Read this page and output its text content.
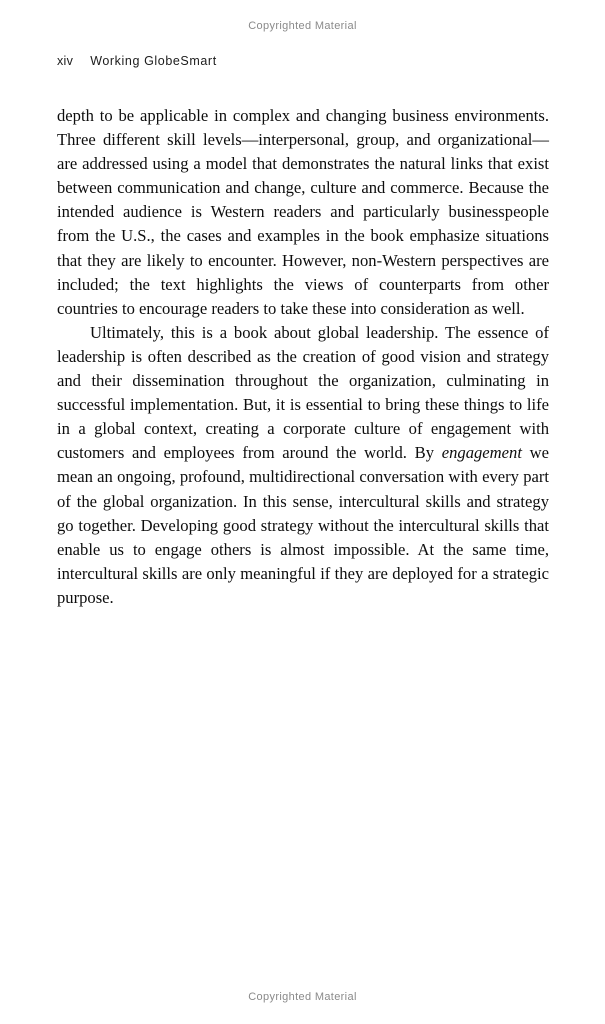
Copyrighted Material
xiv Working GlobeSmart

depth to be applicable in complex and changing business environments. Three different skill levels—interpersonal, group, and organizational—are addressed using a model that demonstrates the natural links that exist between communication and change, culture and commerce. Because the intended audience is Western readers and particularly businesspeople from the U.S., the cases and examples in the book emphasize situations that they are likely to encounter. However, non-Western perspectives are included; the text highlights the views of counterparts from other countries to encourage readers to take these into consideration as well.

Ultimately, this is a book about global leadership. The essence of leadership is often described as the creation of good vision and strategy and their dissemination throughout the organization, culminating in successful implementation. But, it is essential to bring these things to life in a global context, creating a corporate culture of engagement with customers and employees from around the world. By engagement we mean an ongoing, profound, multidirectional conversation with every part of the global organization. In this sense, intercultural skills and strategy go together. Developing good strategy without the intercultural skills that enable us to engage others is almost impossible. At the same time, intercultural skills are only meaningful if they are deployed for a strategic purpose.

Copyrighted Material
